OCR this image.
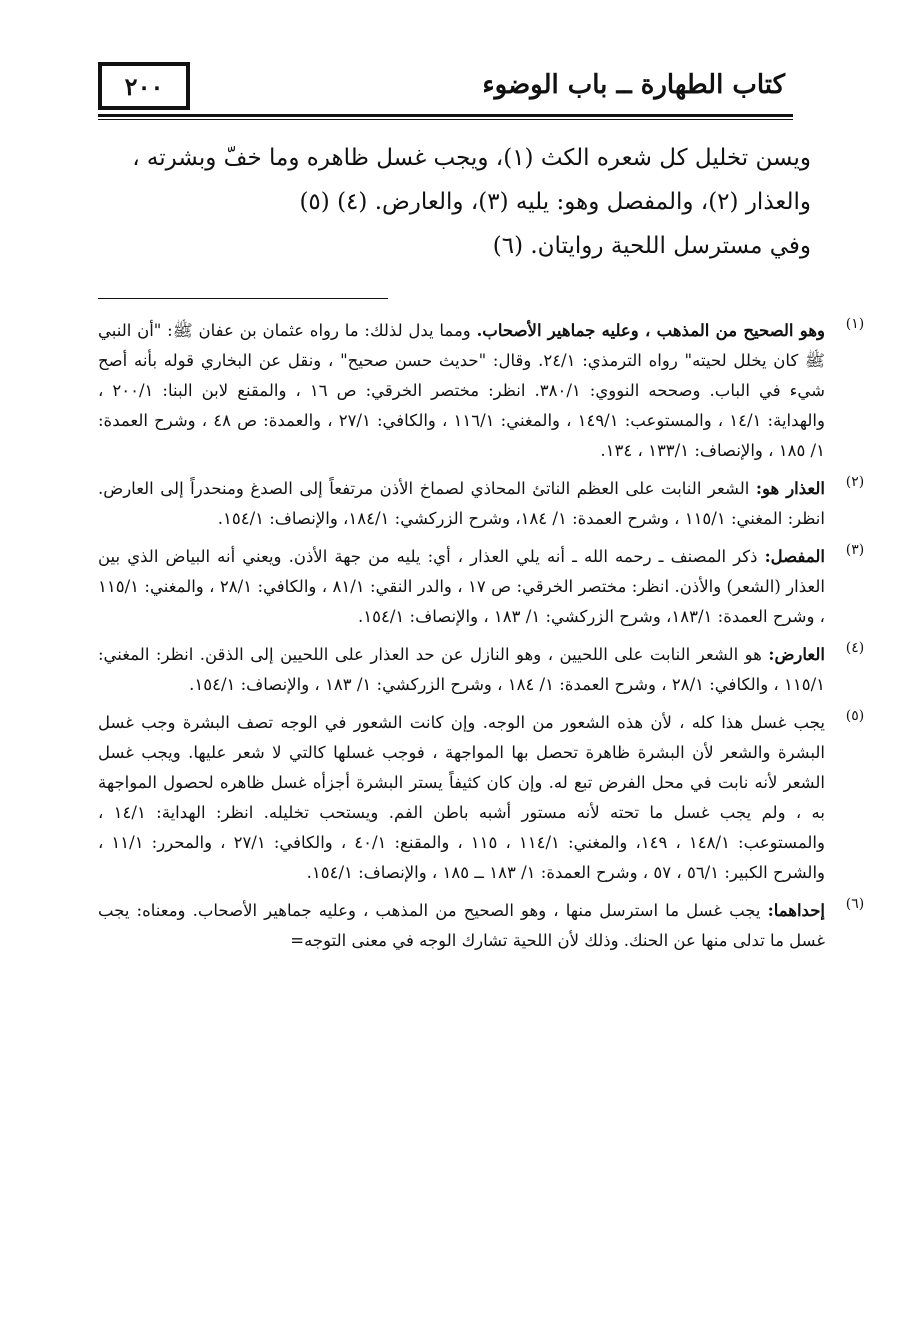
٢٠٠	كتاب الطهارة ــ باب الوضوء

ويسن تخليل كل شعره الكث (١)، ويجب غسل ظاهره وما خفّ وبشرته ،

والعذار (٢)، والمفصل وهو: يليه (٣)، والعارض. (٤) (٥)

وفي مسترسل اللحية روايتان. (٦)

(١)
وهو الصحيح من المذهب ، وعليه جماهير الأصحاب. ومما يدل لذلك: ما رواه عثمان بن عفان ﷺ: "أن النبي ﷺ كان يخلل لحيته" رواه الترمذي: ٢٤/١. وقال: "حديث حسن صحيح" ، ونقل عن البخاري قوله بأنه أصح شيء في الباب. وصححه النووي: ٣٨٠/١. انظر: مختصر الخرقي: ص ١٦ ، والمقنع لابن البنا: ٢٠٠/١ ، والهداية: ١٤/١ ، والمستوعب: ١٤٩/١ ، والمغني: ١١٦/١ ، والكافي: ٢٧/١ ، والعمدة: ص ٤٨ ، وشرح العمدة: ١/ ١٨٥ ، والإنصاف: ١٣٣/١ ، ١٣٤.
(٢)
العذار هو: الشعر النابت على العظم الناتئ المحاذي لصماخ الأذن مرتفعاً إلى الصدغ ومنحدراً إلى العارض. انظر: المغني: ١١٥/١ ، وشرح العمدة: ١/ ١٨٤، وشرح الزركشي: ١٨٤/١، والإنصاف: ١٥٤/١.
(٣)
المفصل: ذكر المصنف ـ رحمه الله ـ أنه يلي العذار ، أي: يليه من جهة الأذن. ويعني أنه البياض الذي بين العذار (الشعر) والأذن. انظر: مختصر الخرقي: ص ١٧ ، والدر النقي: ٨١/١ ، والكافي: ٢٨/١ ، والمغني: ١١٥/١ ، وشرح العمدة: ١٨٣/١، وشرح الزركشي: ١/ ١٨٣ ، والإنصاف: ١٥٤/١.
(٤)
العارض: هو الشعر النابت على اللحيين ، وهو النازل عن حد العذار على اللحيين إلى الذقن. انظر: المغني: ١١٥/١ ، والكافي: ٢٨/١ ، وشرح العمدة: ١/ ١٨٤ ، وشرح الزركشي: ١/ ١٨٣ ، والإنصاف: ١٥٤/١.
(٥)
يجب غسل هذا كله ، لأن هذه الشعور من الوجه. وإن كانت الشعور في الوجه تصف البشرة وجب غسل البشرة والشعر لأن البشرة ظاهرة تحصل بها المواجهة ، فوجب غسلها كالتي لا شعر عليها. ويجب غسل الشعر لأنه نابت في محل الفرض تبع له. وإن كان كثيفاً يستر البشرة أجزأه غسل ظاهره لحصول المواجهة به ، ولم يجب غسل ما تحته لأنه مستور أشبه باطن الفم. ويستحب تخليله. انظر: الهداية: ١٤/١ ، والمستوعب: ١٤٨/١ ، ١٤٩، والمغني: ١١٤/١ ، ١١٥ ، والمقنع: ٤٠/١ ، والكافي: ٢٧/١ ، والمحرر: ١١/١ ، والشرح الكبير: ٥٦/١ ، ٥٧ ، وشرح العمدة: ١/ ١٨٣ ــ ١٨٥ ، والإنصاف: ١٥٤/١.
(٦)
إحداهما: يجب غسل ما استرسل منها ، وهو الصحيح من المذهب ، وعليه جماهير الأصحاب. ومعناه: يجب غسل ما تدلى منها عن الحنك. وذلك لأن اللحية تشارك الوجه في معنى التوجه=
